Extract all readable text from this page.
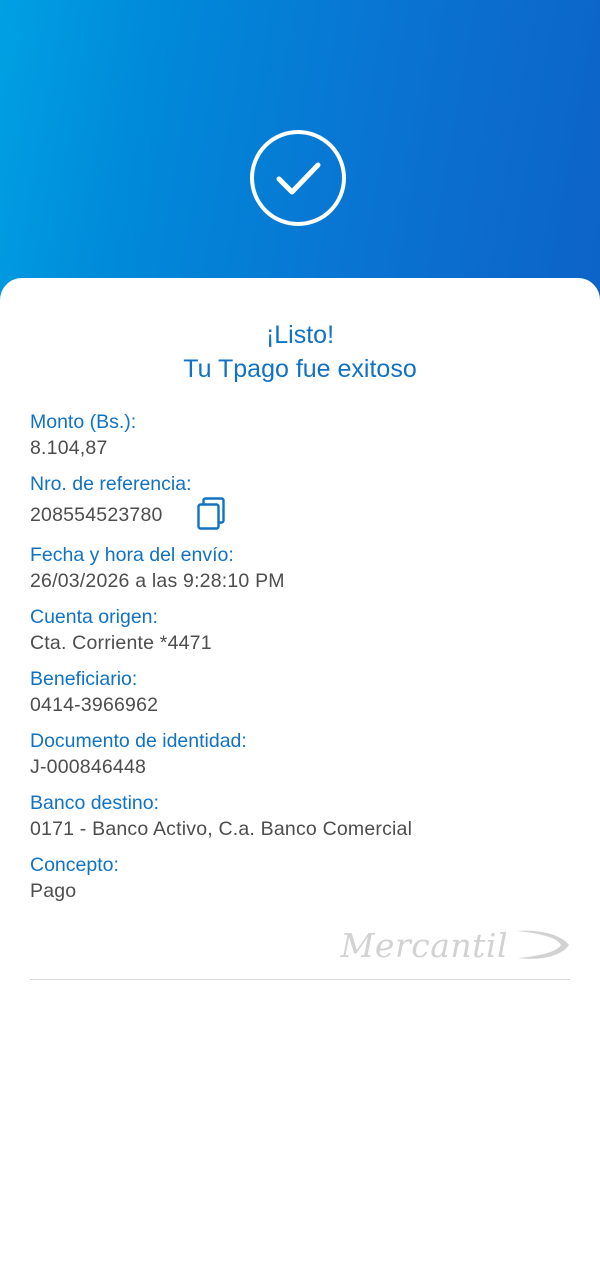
¡Listo!
Tu Tpago fue exitoso
Monto (Bs.):
8.104,87
Nro. de referencia:
208554523780
Fecha y hora del envío:
26/03/2026 a las 9:28:10 PM
Cuenta origen:
Cta. Corriente *4471
Beneficiario:
0414-3966962
Documento de identidad:
J-000846448
Banco destino:
0171 - Banco Activo, C.a. Banco Comercial
Concepto:
Pago
Mercantil
